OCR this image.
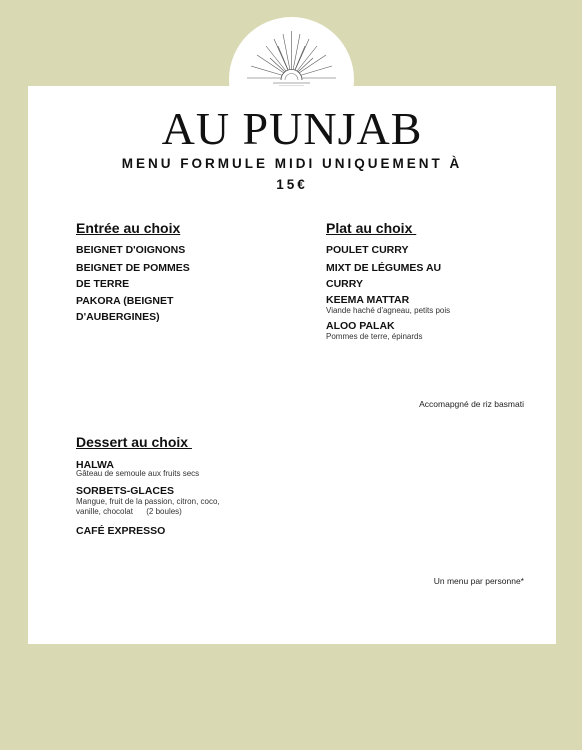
AU PUNJAB
MENU FORMULE MIDI UNIQUEMENT À
15€
Entrée au choix
BEIGNET D'OIGNONS
BEIGNET DE POMMES DE TERRE
PAKORA (BEIGNET D'AUBERGINES)
Plat au choix
POULET CURRY
MIXT DE LÉGUMES AU CURRY
KEEMA MATTAR
Viande haché d'agneau, petits pois
ALOO PALAK
Pommes de terre, épinards
Accomapgné de riz basmati
Dessert au choix
HALWA
Gâteau de semoule aux fruits secs
SORBETS-GLACES
Mangue, fruit de la passion, citron, coco, vanille, chocolat      (2 boules)
CAFÉ EXPRESSO
Un menu par personne*
